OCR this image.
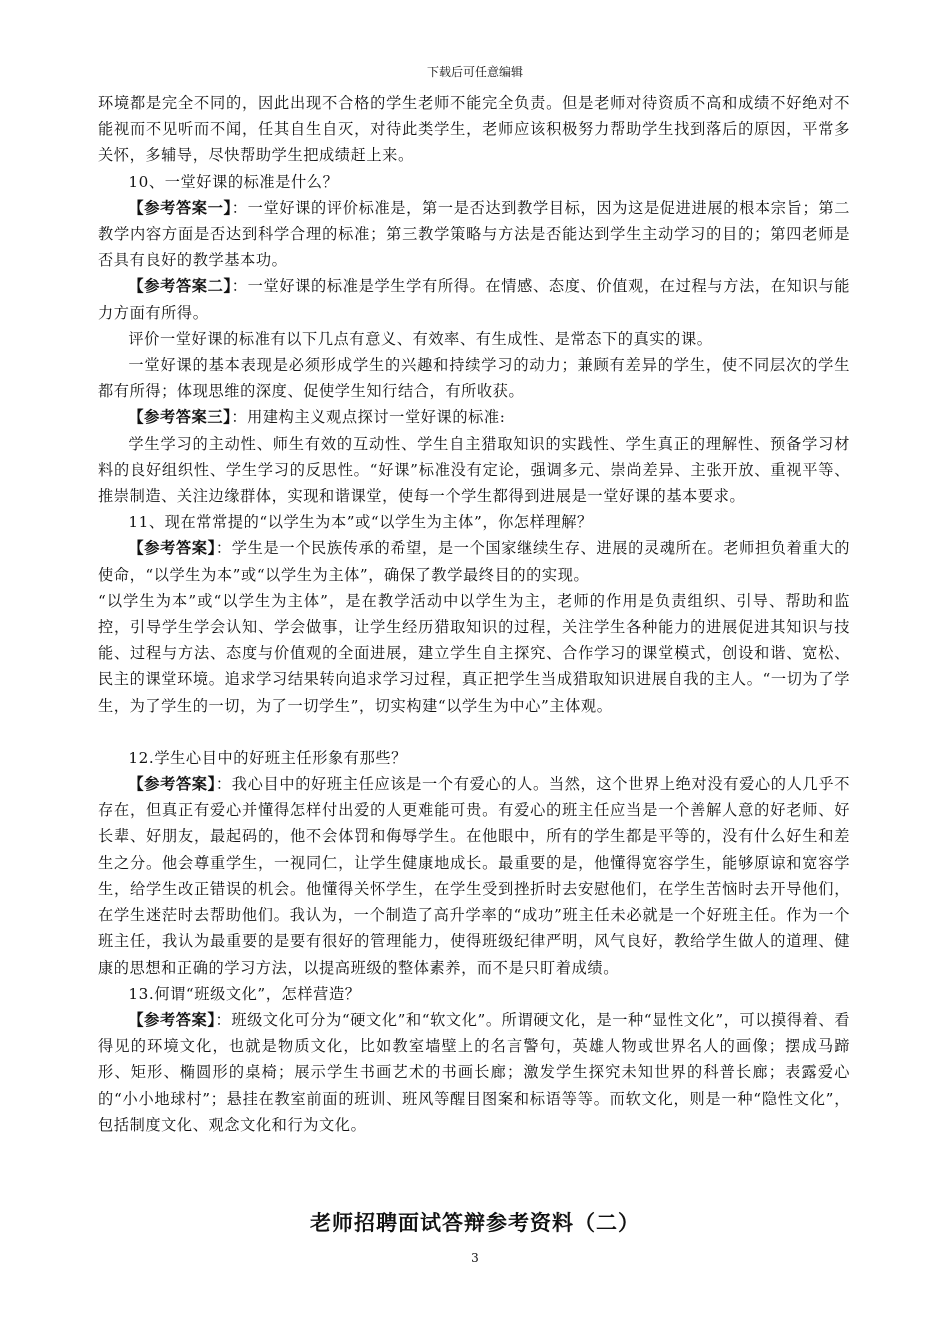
下载后可任意编辑

环境都是完全不同的，因此出现不合格的学生老师不能完全负责。但是老师对待资质不高和成绩不好绝对不能视而不见听而不闻，任其自生自灭，对待此类学生，老师应该积极努力帮助学生找到落后的原因，平常多关怀，多辅导，尽快帮助学生把成绩赶上来。

10、一堂好课的标准是什么？

【参考答案一】：一堂好课的评价标准是，第一是否达到教学目标，因为这是促进进展的根本宗旨；第二教学内容方面是否达到科学合理的标准；第三教学策略与方法是否能达到学生主动学习的目的；第四老师是否具有良好的教学基本功。

【参考答案二】：一堂好课的标准是学生学有所得。在情感、态度、价值观，在过程与方法，在知识与能力方面有所得。

评价一堂好课的标准有以下几点有意义、有效率、有生成性、是常态下的真实的课。

一堂好课的基本表现是必须形成学生的兴趣和持续学习的动力；兼顾有差异的学生，使不同层次的学生都有所得；体现思维的深度、促使学生知行结合，有所收获。

【参考答案三】：用建构主义观点探讨一堂好课的标准:

学生学习的主动性、师生有效的互动性、学生自主猎取知识的实践性、学生真正的理解性、预备学习材料的良好组织性、学生学习的反思性。“好课”标准没有定论，强调多元、崇尚差异、主张开放、重视平等、推崇制造、关注边缘群体，实现和谐课堂，使每一个学生都得到进展是一堂好课的基本要求。

11、现在常常提的“以学生为本”或“以学生为主体”，你怎样理解？

【参考答案】：学生是一个民族传承的希望，是一个国家继续生存、进展的灵魂所在。老师担负着重大的使命，“以学生为本”或“以学生为主体”，确保了教学最终目的的实现。

“以学生为本”或“以学生为主体”，是在教学活动中以学生为主，老师的作用是负责组织、引导、帮助和监控，引导学生学会认知、学会做事，让学生经历猎取知识的过程，关注学生各种能力的进展促进其知识与技能、过程与方法、态度与价值观的全面进展，建立学生自主探究、合作学习的课堂模式，创设和谐、宽松、民主的课堂环境。追求学习结果转向追求学习过程，真正把学生当成猎取知识进展自我的主人。“一切为了学生，为了学生的一切，为了一切学生”，切实构建“以学生为中心”主体观。

12.学生心目中的好班主任形象有那些？

【参考答案】：我心目中的好班主任应该是一个有爱心的人。当然，这个世界上绝对没有爱心的人几乎不存在，但真正有爱心并懂得怎样付出爱的人更难能可贵。有爱心的班主任应当是一个善解人意的好老师、好长辈、好朋友，最起码的，他不会体罚和侮辱学生。在他眼中，所有的学生都是平等的，没有什么好生和差生之分。他会尊重学生，一视同仁，让学生健康地成长。最重要的是，他懂得宽容学生，能够原谅和宽容学生，给学生改正错误的机会。他懂得关怀学生，在学生受到挫折时去安慰他们，在学生苦恼时去开导他们，在学生迷茫时去帮助他们。我认为，一个制造了高升学率的“成功”班主任未必就是一个好班主任。作为一个班主任，我认为最重要的是要有很好的管理能力，使得班级纪律严明，风气良好，教给学生做人的道理、健康的思想和正确的学习方法，以提高班级的整体素养，而不是只盯着成绩。

13.何谓“班级文化”，怎样营造？

【参考答案】：班级文化可分为“硬文化”和“软文化”。所谓硬文化，是一种“显性文化”，可以摸得着、看得见的环境文化，也就是物质文化，比如教室墙壁上的名言警句，英雄人物或世界名人的画像；摆成马蹄形、矩形、椭圆形的桌椅；展示学生书画艺术的书画长廊；激发学生探究未知世界的科普长廊；表露爱心的“小小地球村”；悬挂在教室前面的班训、班风等醒目图案和标语等等。而软文化，则是一种“隐性文化”，包括制度文化、观念文化和行为文化。

老师招聘面试答辩参考资料（二）
3
